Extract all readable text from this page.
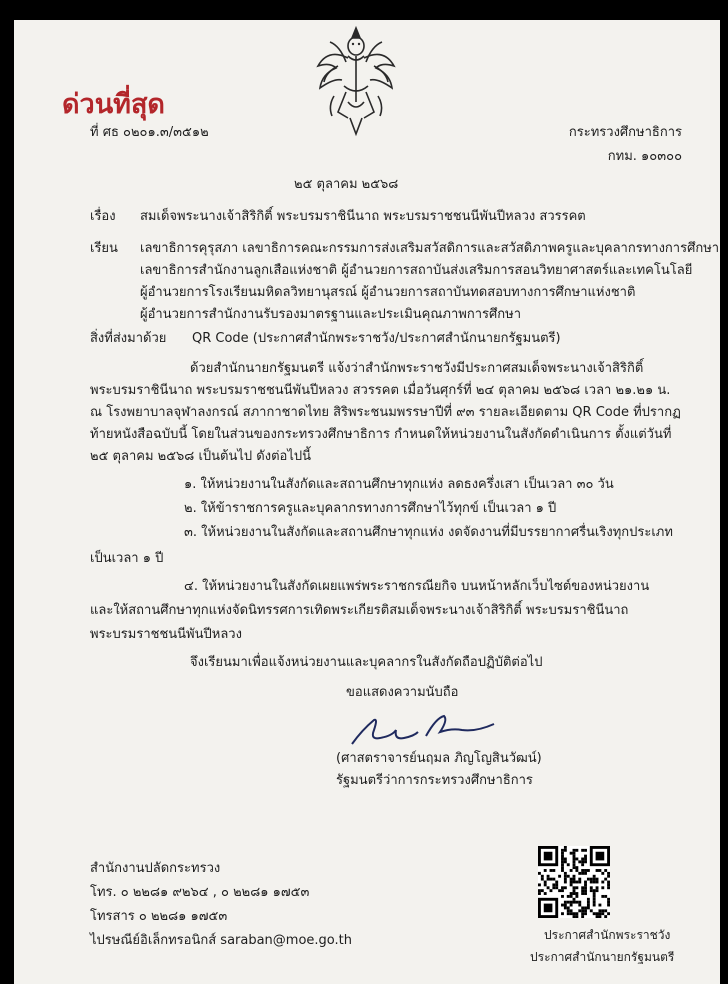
ด่วนที่สุด
ที่ ศธ ๐๒๐๑.๓/๓๕๑๒	กระทรวงศึกษาธิการ
กทม. ๑๐๓๐๐
๒๕ ตุลาคม ๒๕๖๘
เรื่อง สมเด็จพระนางเจ้าสิริกิติ์ พระบรมราชินีนาถ พระบรมราชชนนีพันปีหลวง สวรรคต
เรียน เลขาธิการคุรุสภา เลขาธิการคณะกรรมการส่งเสริมสวัสดิการและสวัสดิภาพครูและบุคลากรทางการศึกษา
เลขาธิการสำนักงานลูกเสือแห่งชาติ ผู้อำนวยการสถาบันส่งเสริมการสอนวิทยาศาสตร์และเทคโนโลยี
ผู้อำนวยการโรงเรียนมหิดลวิทยานุสรณ์ ผู้อำนวยการสถาบันทดสอบทางการศึกษาแห่งชาติ
ผู้อำนวยการสำนักงานรับรองมาตรฐานและประเมินคุณภาพการศึกษา
สิ่งที่ส่งมาด้วย QR Code (ประกาศสำนักพระราชวัง/ประกาศสำนักนายกรัฐมนตรี)
ด้วยสำนักนายกรัฐมนตรี แจ้งว่าสำนักพระราชวังมีประกาศสมเด็จพระนางเจ้าสิริกิติ์
พระบรมราชินีนาถ พระบรมราชชนนีพันปีหลวง สวรรคต เมื่อวันศุกร์ที่ ๒๔ ตุลาคม ๒๕๖๘ เวลา ๒๑.๒๑ น.
ณ โรงพยาบาลจุฬาลงกรณ์ สภากาชาดไทย สิริพระชนมพรรษาปีที่ ๙๓ รายละเอียดตาม QR Code ที่ปรากฏ
ท้ายหนังสือฉบับนี้ โดยในส่วนของกระทรวงศึกษาธิการ กำหนดให้หน่วยงานในสังกัดดำเนินการ ตั้งแต่วันที่
๒๕ ตุลาคม ๒๕๖๘ เป็นต้นไป ดังต่อไปนี้
๑. ให้หน่วยงานในสังกัดและสถานศึกษาทุกแห่ง ลดธงครึ่งเสา เป็นเวลา ๓๐ วัน
๒. ให้ข้าราชการครูและบุคลากรทางการศึกษาไว้ทุกข์ เป็นเวลา ๑ ปี
๓. ให้หน่วยงานในสังกัดและสถานศึกษาทุกแห่ง งดจัดงานที่มีบรรยากาศรื่นเริงทุกประเภท
เป็นเวลา ๑ ปี
๔. ให้หน่วยงานในสังกัดเผยแพร่พระราชกรณียกิจ บนหน้าหลักเว็บไซต์ของหน่วยงาน
และให้สถานศึกษาทุกแห่งจัดนิทรรศการเทิดพระเกียรติสมเด็จพระนางเจ้าสิริกิติ์ พระบรมราชินีนาถ
พระบรมราชชนนีพันปีหลวง
จึงเรียนมาเพื่อแจ้งหน่วยงานและบุคลากรในสังกัดถือปฏิบัติต่อไป
ขอแสดงความนับถือ
(ศาสตราจารย์นฤมล ภิญโญสินวัฒน์)
รัฐมนตรีว่าการกระทรวงศึกษาธิการ
สำนักงานปลัดกระทรวง
โทร. ๐ ๒๒๘๑ ๙๒๖๔ , ๐ ๒๒๘๑ ๑๗๕๓
โทรสาร ๐ ๒๒๘๑ ๑๗๕๓
ไปรษณีย์อิเล็กทรอนิกส์ saraban@moe.go.th	ประกาศสำนักพระราชวัง
ประกาศสำนักนายกรัฐมนตรี
